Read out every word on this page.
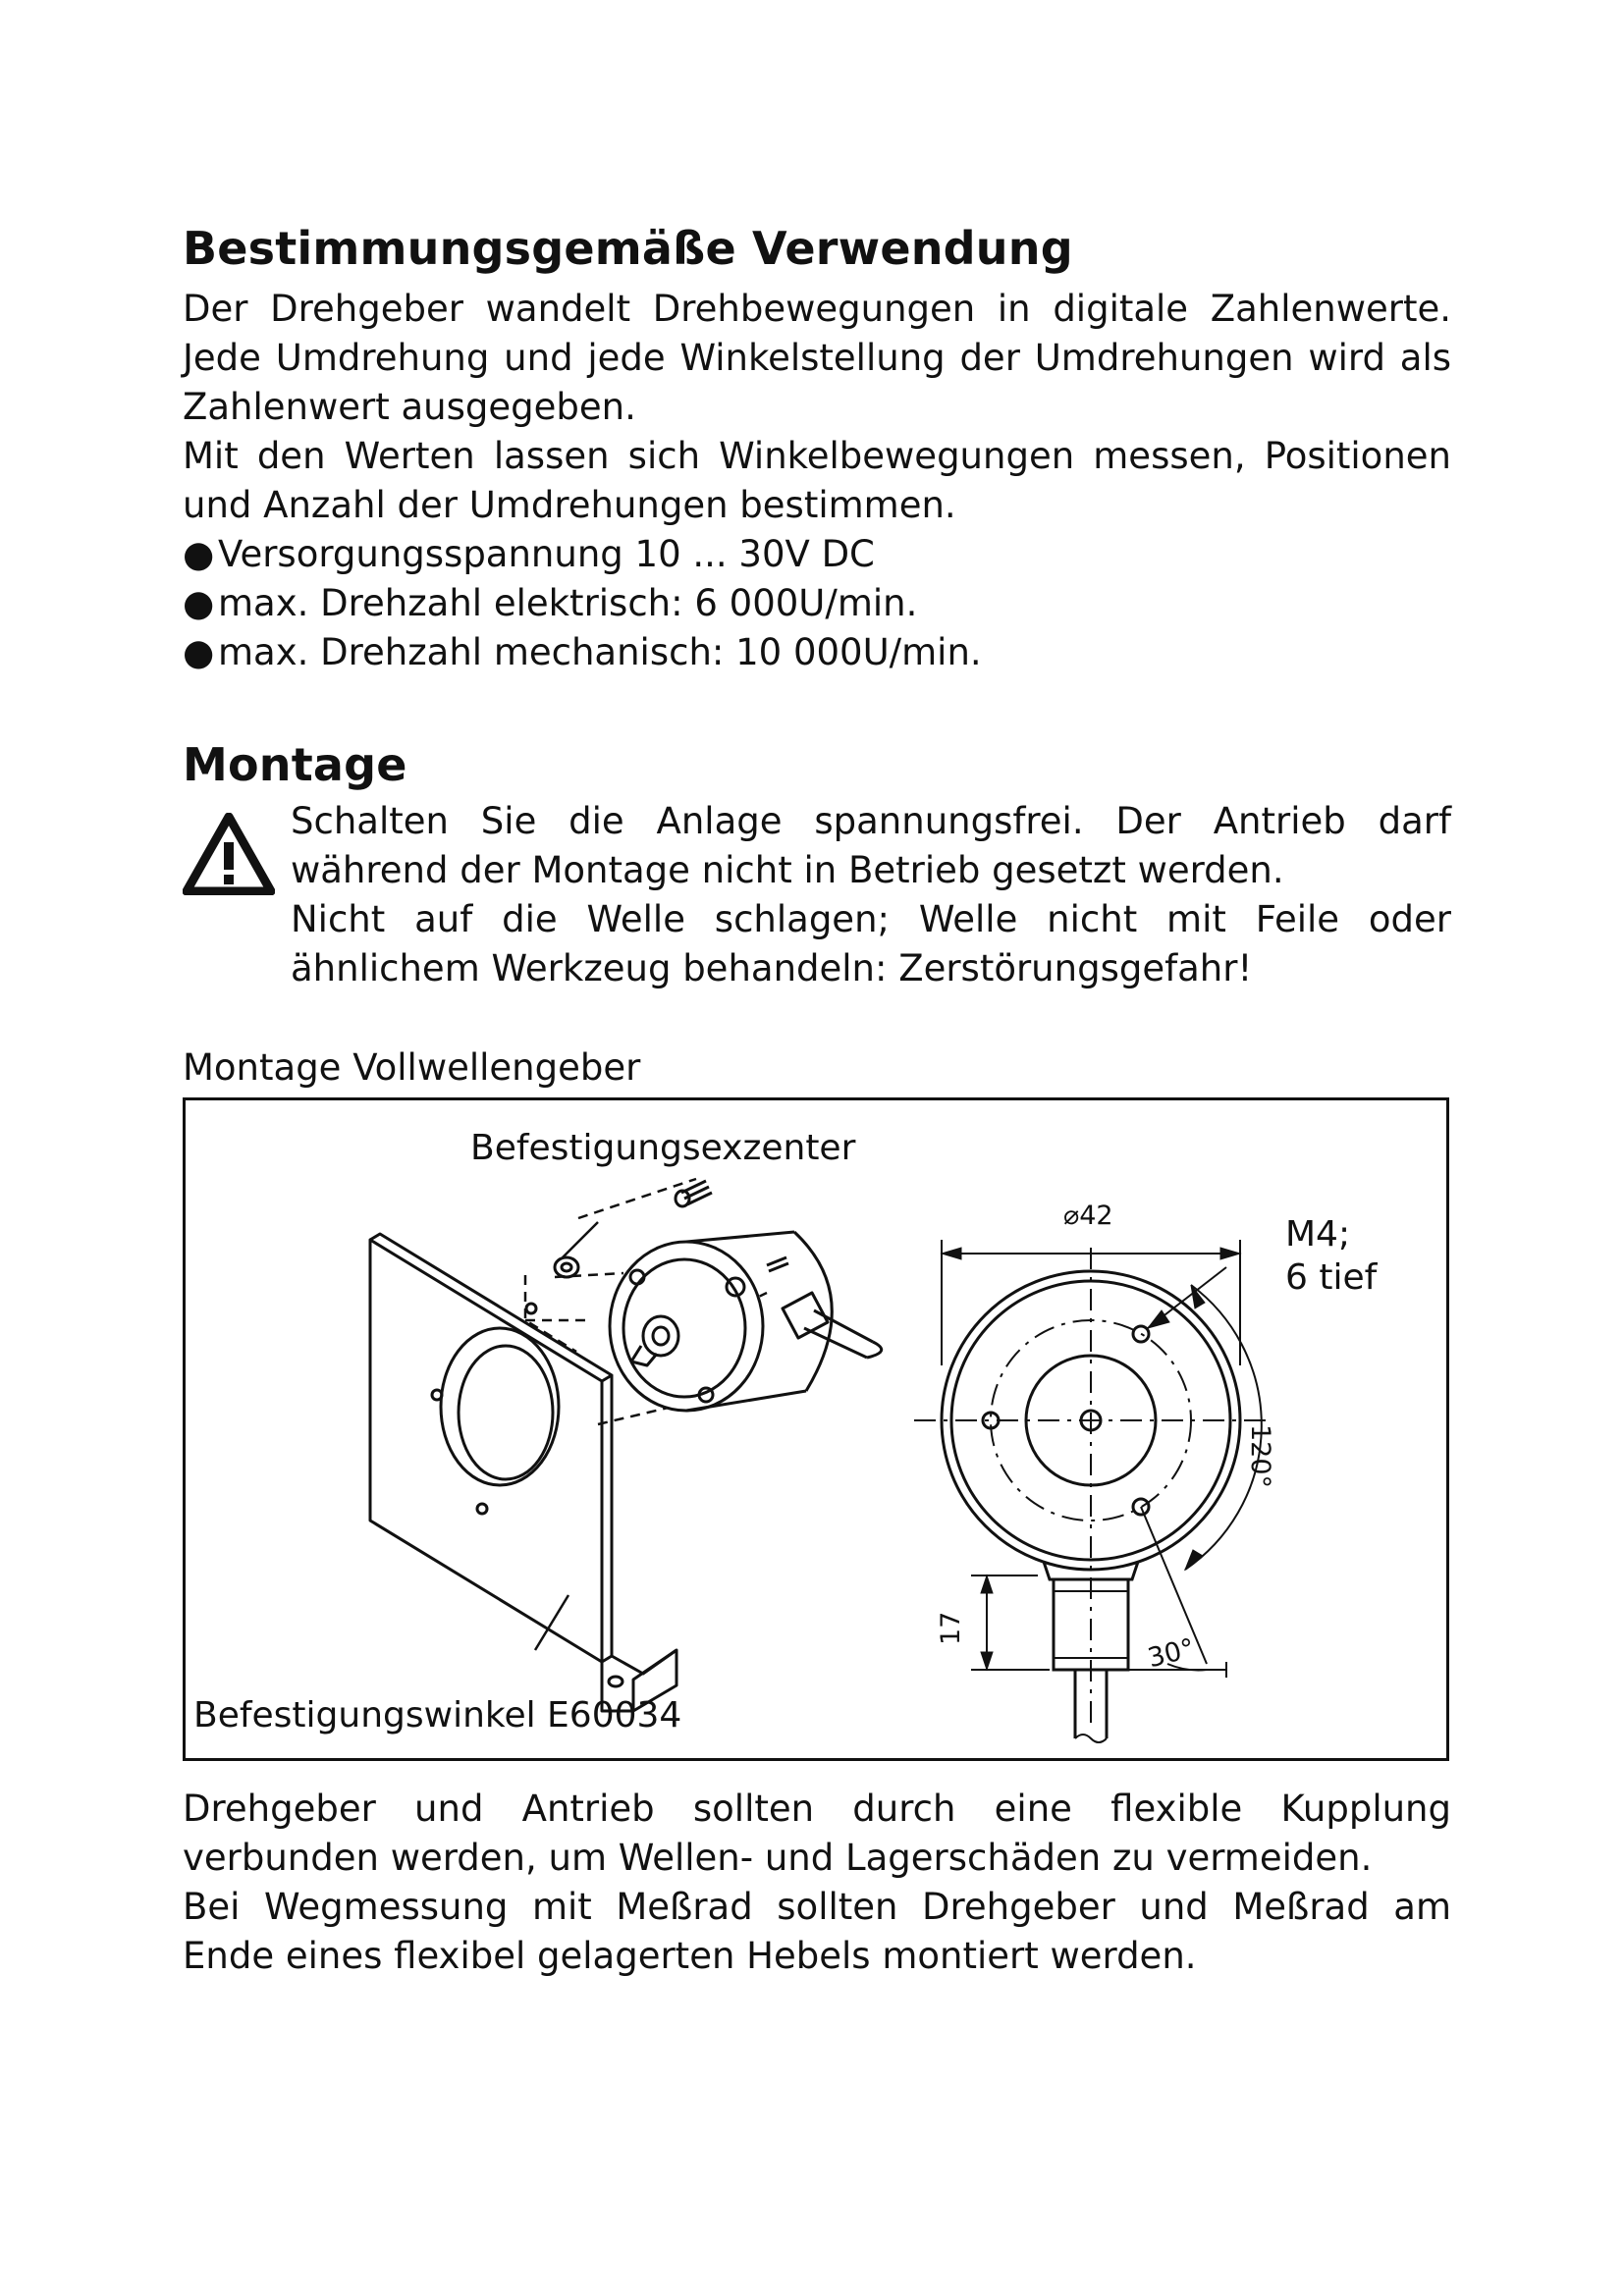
Bestimmungsgemäße Verwendung

Der Drehgeber wandelt Drehbewegungen in digitale Zahlenwerte. Jede Umdrehung und jede Winkelstellung der Umdrehungen wird als Zahlenwert ausgegeben.

Mit den Werten lassen sich Winkelbewegungen messen, Positionen und Anzahl der Umdrehungen bestimmen.

● Versorgungsspannung 10 ... 30V DC
● max. Drehzahl elektrisch: 6 000U/min.
● max. Drehzahl mechanisch: 10 000U/min.
Montage

Schalten Sie die Anlage spannungsfrei. Der Antrieb darf während der Montage nicht in Betrieb gesetzt werden.

Nicht auf die Welle schlagen; Welle nicht mit Feile oder ähnlichem Werkzeug behandeln: Zerstörungsgefahr!

Montage Vollwellengeber

Befestigungsexzenter
Befestigungswinkel E60034
⌀42	M4;
6 tief
120°
17
30°

Drehgeber und Antrieb sollten durch eine flexible Kupplung verbunden werden, um Wellen- und Lagerschäden zu vermeiden.

Bei Wegmessung mit Meßrad sollten Drehgeber und Meßrad am Ende eines flexibel gelagerten Hebels montiert werden.
